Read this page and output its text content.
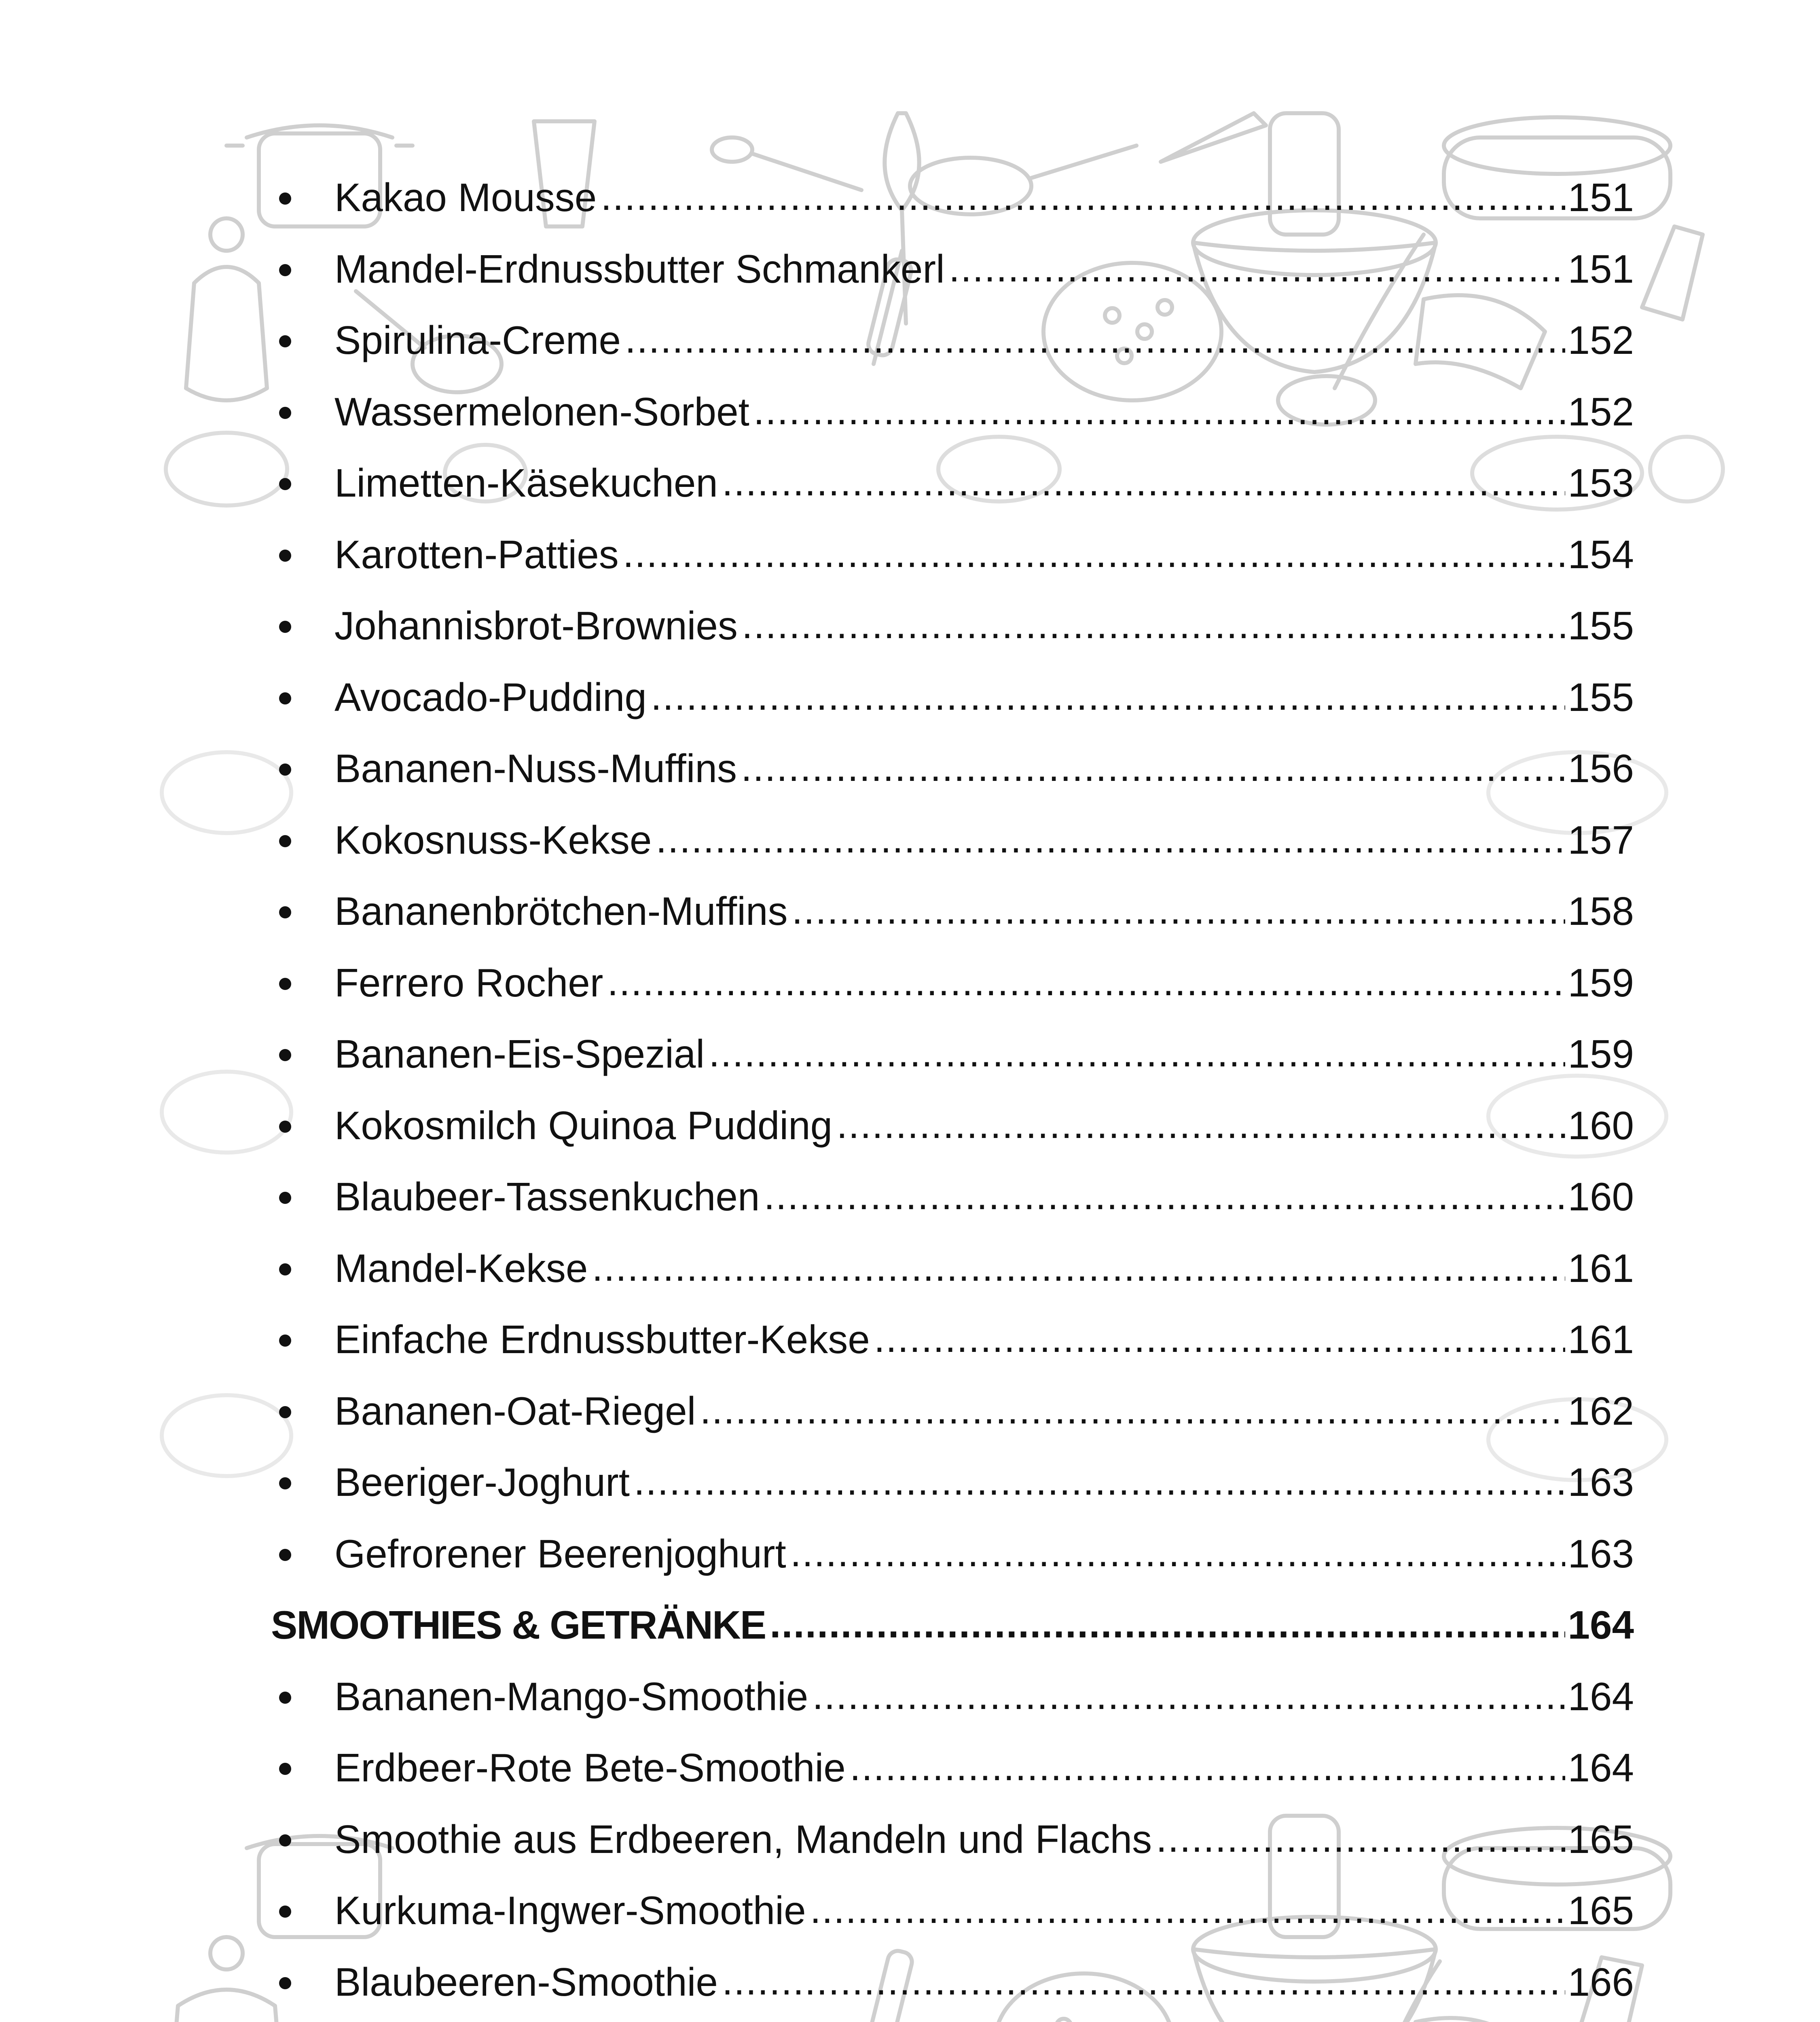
Kakao Mousse .....	151
Mandel-Erdnussbutter Schmankerl .....	151
Spirulina-Creme .....	152
Wassermelonen-Sorbet .....	152
Limetten-Käsekuchen .....	153
Karotten-Patties .....	154
Johannisbrot-Brownies .....	155
Avocado-Pudding .....	155
Bananen-Nuss-Muffins .....	156
Kokosnuss-Kekse .....	157
Bananenbrötchen-Muffins .....	158
Ferrero Rocher .....	159
Bananen-Eis-Spezial .....	159
Kokosmilch Quinoa Pudding .....	160
Blaubeer-Tassenkuchen .....	160
Mandel-Kekse .....	161
Einfache Erdnussbutter-Kekse .....	161
Bananen-Oat-Riegel .....	162
Beeriger-Joghurt .....	163
Gefrorener Beerenjoghurt .....	163
SMOOTHIES & GETRÄNKE .....	164
Bananen-Mango-Smoothie .....	164
Erdbeer-Rote Bete-Smoothie .....	164
Smoothie aus Erdbeeren, Mandeln und Flachs .....	165
Kurkuma-Ingwer-Smoothie .....	165
Blaubeeren-Smoothie .....	166
